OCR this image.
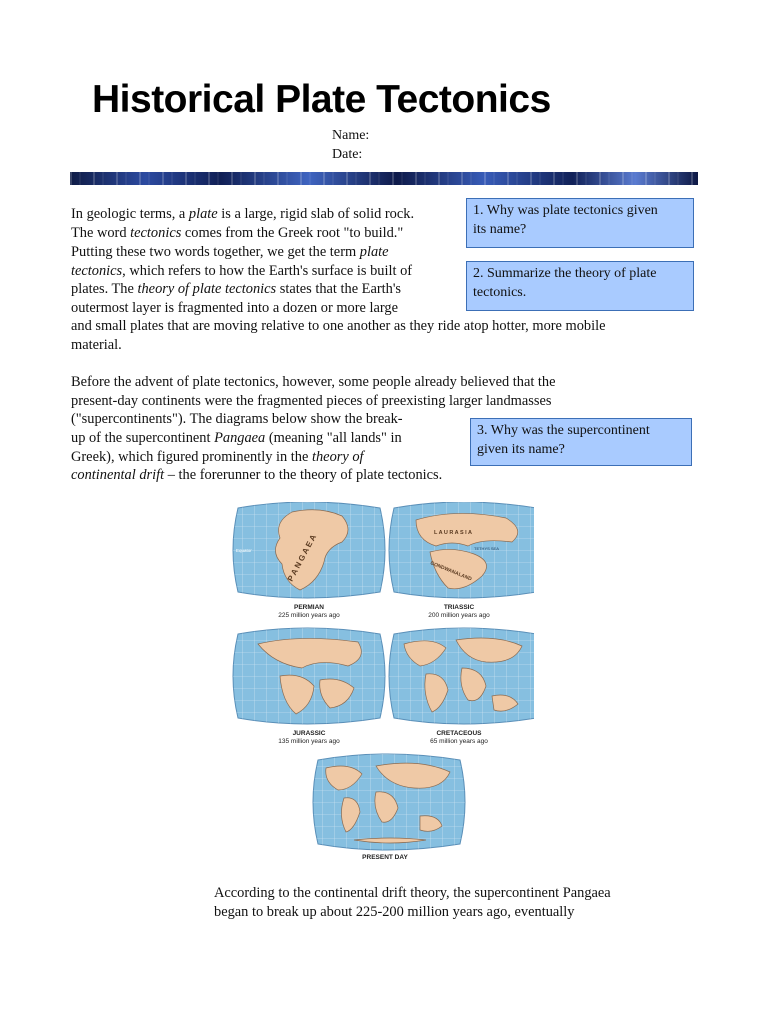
Historical Plate Tectonics
Name:
Date:
In geologic terms, a plate is a large, rigid slab of solid rock.
The word tectonics comes from the Greek root "to build."
Putting these two words together, we get the term plate
tectonics, which refers to how the Earth's surface is built of
plates. The theory of plate tectonics states that the Earth's
outermost layer is fragmented into a dozen or more large
and small plates that are moving relative to one another as they ride atop hotter, more mobile
material.
1. Why was plate tectonics given
its name?
2. Summarize the theory of plate
tectonics.
Before the advent of plate tectonics, however, some people already believed that the
present-day continents were the fragmented pieces of preexisting larger landmasses
("supercontinents"). The diagrams below show the break-
up of the supercontinent Pangaea (meaning "all lands" in
Greek), which figured prominently in the theory of
continental drift – the forerunner to the theory of plate tectonics.
3. Why was the supercontinent
given its name?
Equator	P A N G A E A
L A U R A S I A
TETHYS SEA
GONDWANALAND
PERMIAN
225 million years ago
TRIASSIC
200 million years ago
JURASSIC
135 million years ago
CRETACEOUS
65 million years ago
PRESENT DAY
According to the continental drift theory, the supercontinent Pangaea
began to break up about 225-200 million years ago, eventually
